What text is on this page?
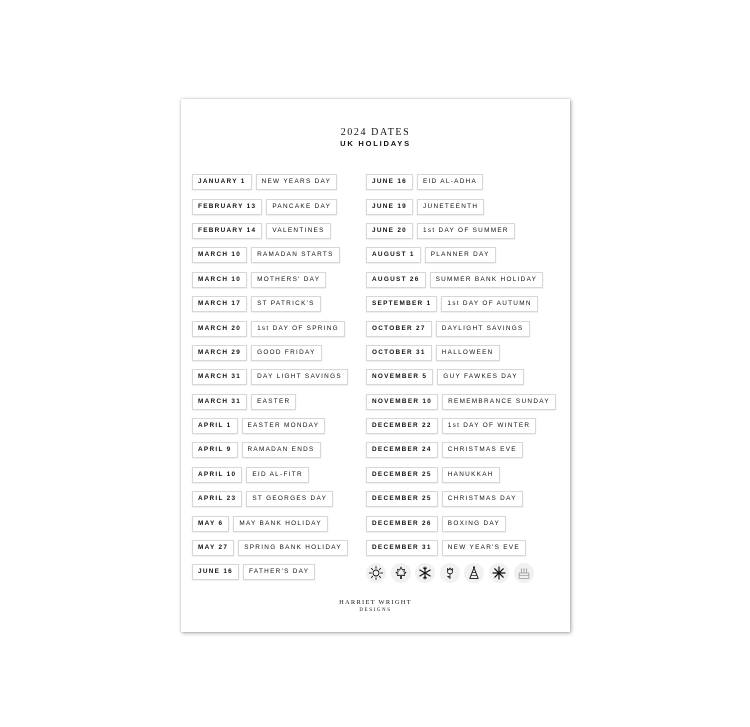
2024 DATES
UK HOLIDAYS
JANUARY 1	NEW YEARS DAY
FEBRUARY 13	PANCAKE DAY
FEBRUARY 14	VALENTINES
MARCH 10	RAMADAN STARTS
MARCH 10	MOTHERS' DAY
MARCH 17	ST PATRICK'S
MARCH 20	1st DAY OF SPRING
MARCH 29	GOOD FRIDAY
MARCH 31	DAY LIGHT SAVINGS
MARCH 31	EASTER
APRIL 1	EASTER MONDAY
APRIL 9	RAMADAN ENDS
APRIL 10	EID AL-FITR
APRIL 23	ST GEORGES DAY
MAY 6	MAY BANK HOLIDAY
MAY 27	SPRING BANK HOLIDAY
JUNE 16	FATHER'S DAY
JUNE 16	EID AL-ADHA
JUNE 19	JUNETEENTH
JUNE 20	1st DAY OF SUMMER
AUGUST 1	PLANNER DAY
AUGUST 26	SUMMER BANK HOLIDAY
SEPTEMBER 1	1st DAY OF AUTUMN
OCTOBER 27	DAYLIGHT SAVINGS
OCTOBER 31	HALLOWEEN
NOVEMBER 5	GUY FAWKES DAY
NOVEMBER 10	REMEMBRANCE SUNDAY
DECEMBER 22	1st DAY OF WINTER
DECEMBER 24	CHRISTMAS EVE
DECEMBER 25	HANUKKAH
DECEMBER 25	CHRISTMAS DAY
DECEMBER 26	BOXING DAY
DECEMBER 31	NEW YEAR'S EVE
HARRIET WRIGHT
DESIGNS
